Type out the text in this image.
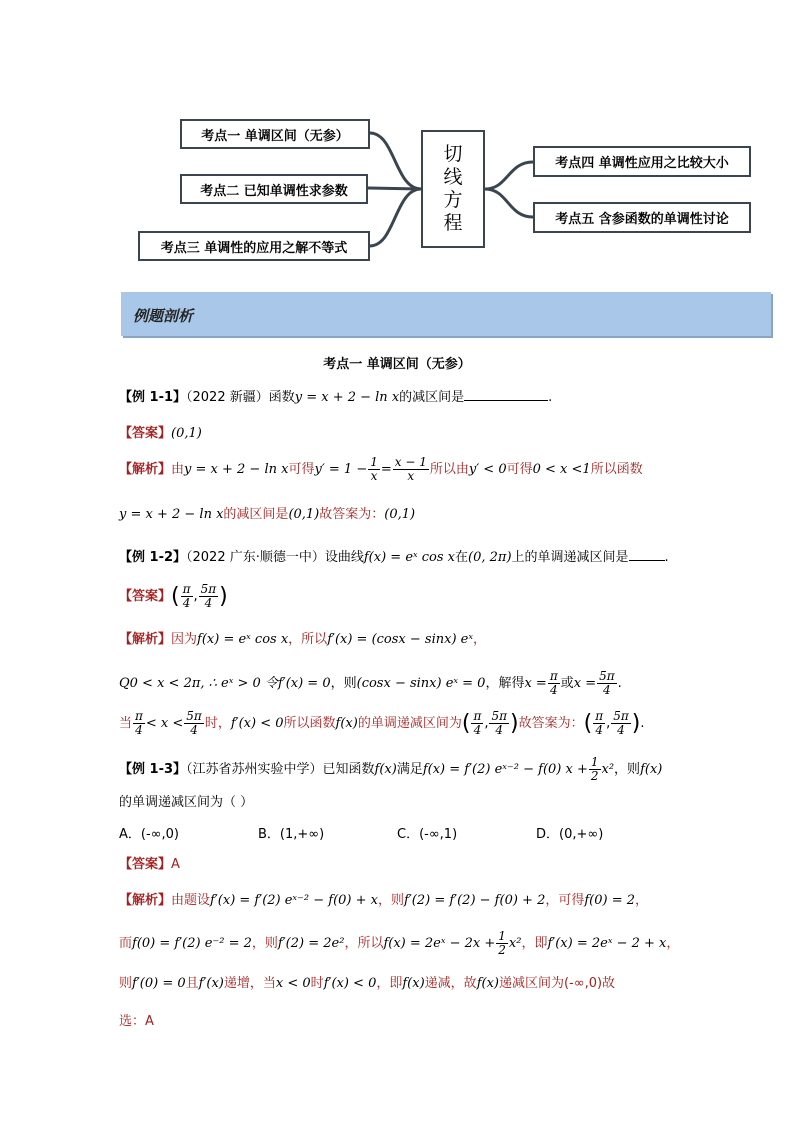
考点一 单调区间（无参）
考点二 已知单调性求参数
考点三 单调性的应用之解不等式
切
线
方
程
考点四 单调性应用之比较大小
考点五 含参函数的单调性讨论
例题剖析
考点一 单调区间（无参）
【例 1-1】（2022 新疆）函数y = x + 2 − ln x的减区间是	.
【答案】(0,1)
【解析】由y = x + 2 − ln x可得$y' = 1 - \frac{1}{x} = \frac{x - 1}{x}$ 所以由y′ < 0可得0 < x <1所以函数
y = x + 2 − ln x的减区间是(0,1)故答案为：(0,1)
【例 1-2】（2022 广东·顺德一中）设曲线f(x) = eˣ cos x在(0, 2π)上的单调递减区间是	.
【答案】( $\frac{\pi}{4}$ , $\frac{5\pi}{4}$ )
【解析】因为f(x) = eˣ cos x，所以f′(x) = (cosx − sinx) eˣ，
Q0 < x < 2π, ∴ eˣ > 0 令f′(x) = 0，则(cosx − sinx) eˣ = 0，解得$x = \frac{\pi}{4}$ 或$x = \frac{5\pi}{4}$ .
当 $\frac{\pi}{4} < x < \frac{5\pi}{4}$ 时，f′(x) < 0所以函数f(x)的单调递减区间为( $\frac{\pi}{4}$ , $\frac{5\pi}{4}$ )故答案为：( $\frac{\pi}{4}$ , $\frac{5\pi}{4}$ ).
【例 1-3】（江苏省苏州实验中学）已知函数f(x)满足f(x) = f′(2) eˣ⁻² − f(0) $x + \frac{1}{2} x^2$，则f(x)
的单调递减区间为（ ）
A．(-∞,0)	B．(1,+∞)	C．(-∞,1)	D．(0,+∞)
【答案】A
【解析】由题设f′(x) = f′(2) eˣ⁻² − f(0) + x，则f′(2) = f′(2) − f(0) + 2，可得f(0) = 2，
而f(0) = f′(2) e⁻² = 2，则f′(2) = 2e²，所以f(x) = 2eˣ − $2x + \frac{1}{2} x^2$，即f′(x) = 2eˣ − 2 + x，
则f′(0) = 0且f′(x)递增，当x < 0时f′(x) < 0，即f(x)递减，故f(x)递减区间为(-∞,0)故
选：A
